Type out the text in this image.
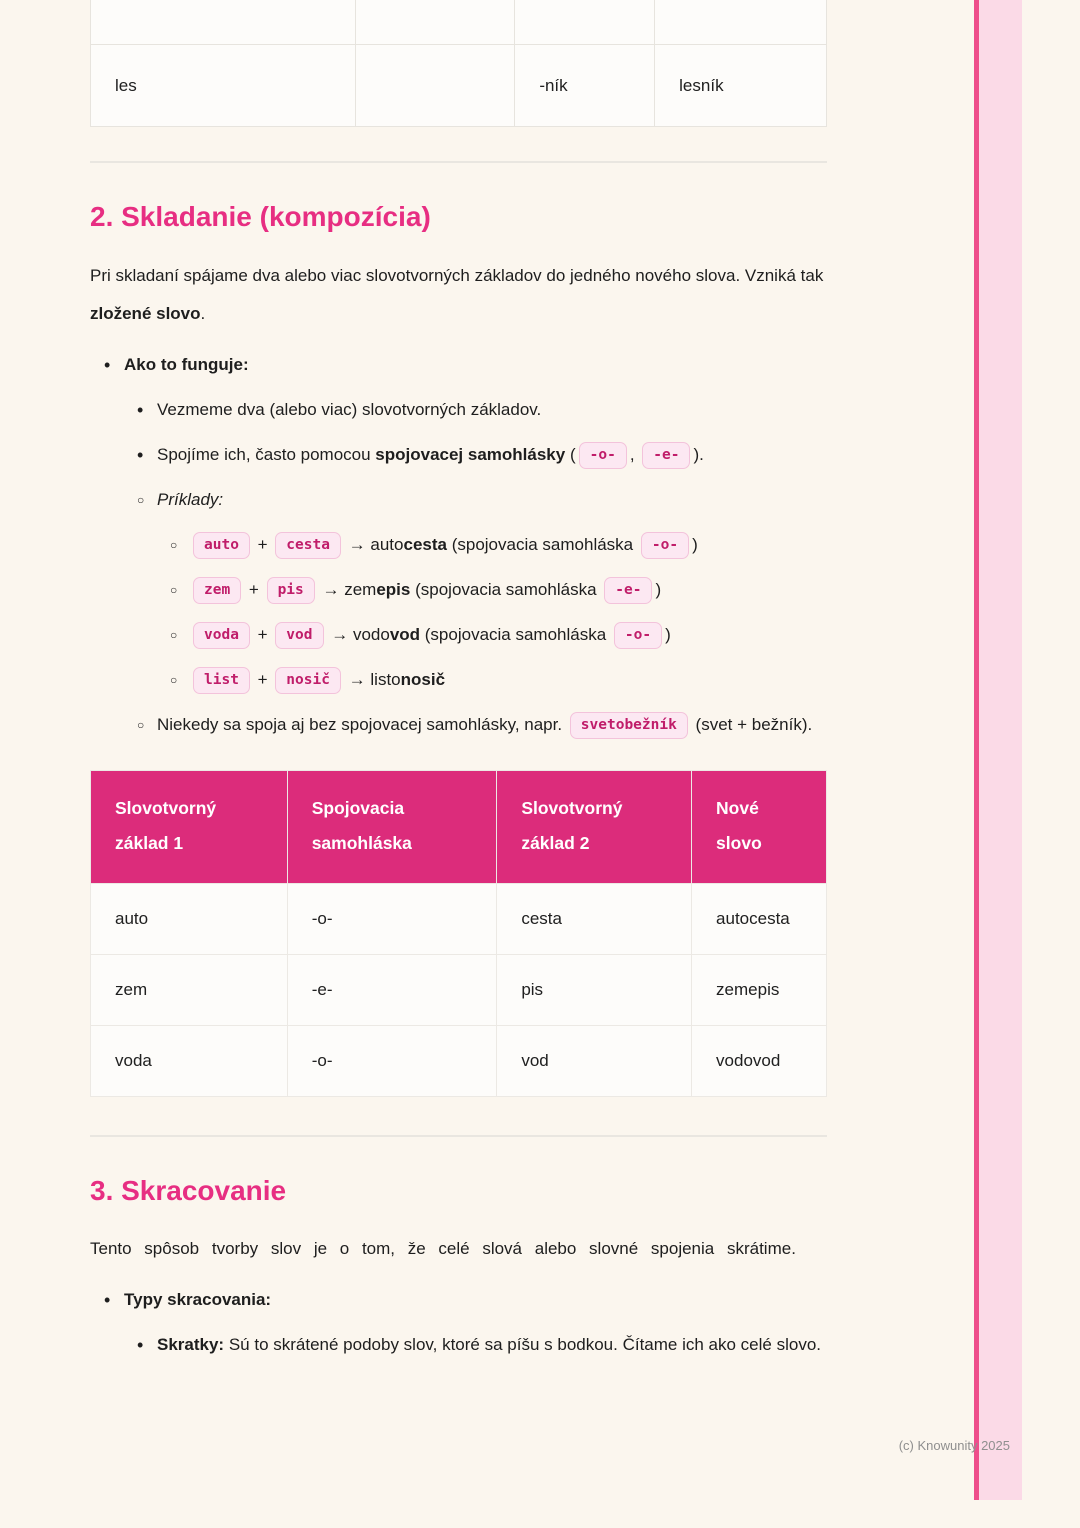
les		-ník	lesník
2. Skladanie (kompozícia)
Pri skladaní spájame dva alebo viac slovotvorných základov do jedného nového slova. Vzniká tak zložené slovo.
•
Ako to funguje:
•
Vezmeme dva (alebo viac) slovotvorných základov.
•
Spojíme ich, často pomocou spojovacej samohlásky ( -o- , -e- ).
○
Príklady:
○
auto + cesta → autocesta (spojovacia samohláska -o- )
○
zem + pis → zemepis (spojovacia samohláska -e- )
○
voda + vod → vodovod (spojovacia samohláska -o- )
○
list + nosič → listonosič
○
Niekedy sa spoja aj bez spojovacej samohlásky, napr. svetobežník (svet + bežník).
Slovotvorný základ 1	Spojovacia samohláska	Slovotvorný základ 2	Nové slovo
auto	-o-	cesta	autocesta
zem	-e-	pis	zemepis
voda	-o-	vod	vodovod
3. Skracovanie
Tento spôsob tvorby slov je o tom, že celé slová alebo slovné spojenia skrátime.
•
Typy skracovania:
•
Skratky: Sú to skrátené podoby slov, ktoré sa píšu s bodkou. Čítame ich ako celé slovo.
(c) Knowunity 2025
